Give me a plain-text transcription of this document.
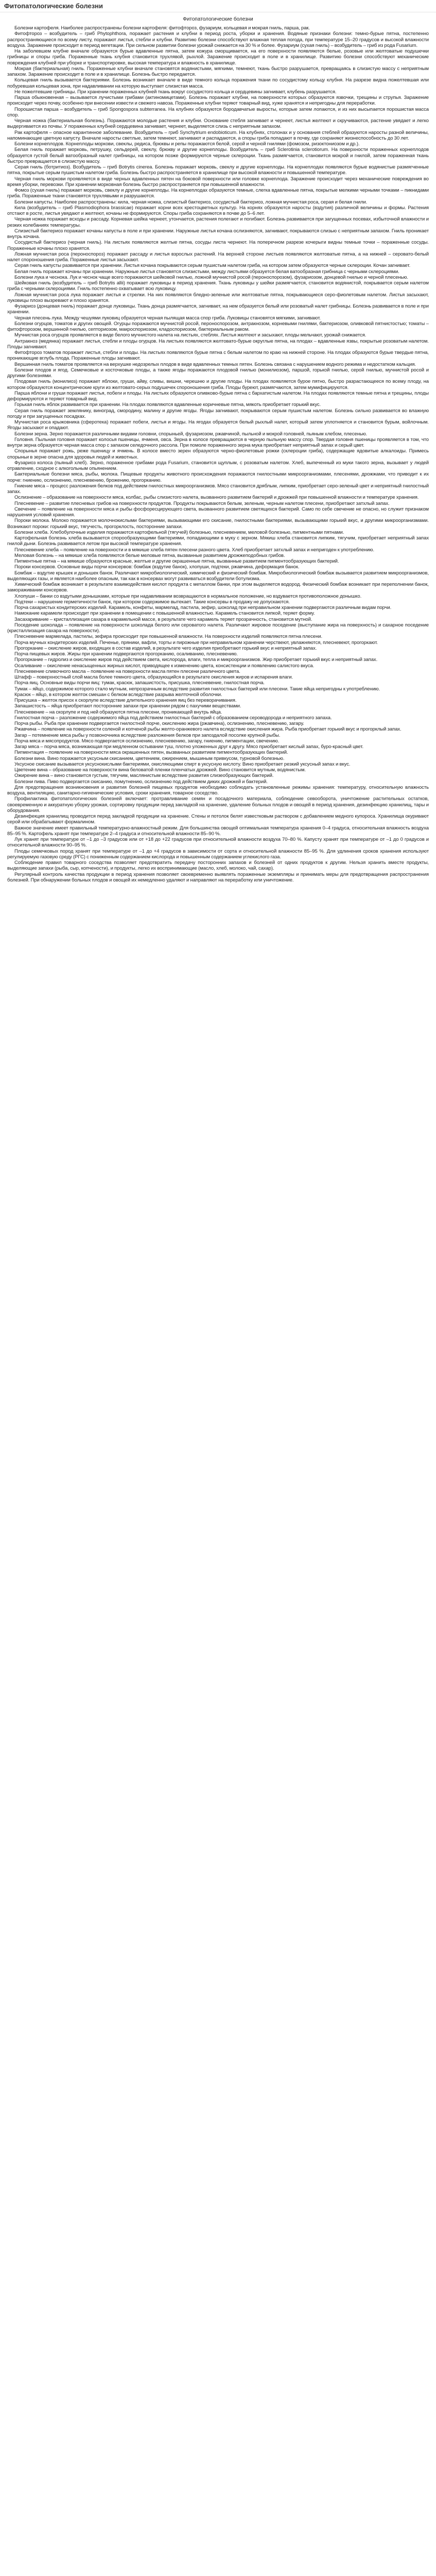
Фитопатологические болезни
Фитопатологические болезни

Болезни картофеля. Наиболее распространены болезни картофеля: фитофтороз, фузариум, кольцевая и мокрая гниль, парша, рак.

Фитофтороз – возбудитель – гриб Phytophthora, поражает растения и клубни в период роста, уборки и хранения. Водяные признаки болезни: темно-бурые пятна, постепенно распространяющиеся по всему листу, поражают листья, стебли и клубни. Развитию болезни способствуют влажная теплая погода, при температуре 15–20 градусов и высокой влажности воздуха. Заражение происходит в период вегетации. При сильном развитии болезни урожай снижается на 30 % и более. Фузариум (сухая гниль) – возбудитель – гриб из рода Fusarium.

На заболевшем клубне вначале образуются бурые вдавленные пятна, затем кожура сморщивается, на его поверхности появляются белые, розовые или желтоватые подушечки грибницы и споры гриба. Пораженные ткань клубня становится трухлявой, рыхлой. Заражение происходит в поле и в хранилище. Развитию болезни способствуют механические повреждения клубней при уборке и транспортировке, высокая температура и влажность в хранилище.

Мокрая (бактериальная) гниль. Пораженные клубни вначале становятся водянистыми, мягкими, темнеют, ткань быстро разрушается, превращаясь в слизистую массу с неприятным запахом. Заражение происходит в поле и в хранилище. Болезнь быстро передается.

Кольцевая гниль вызывается бактериями. Болезнь возникает вначале в виде темного кольца поражения ткани по сосудистому кольцу клубня. На разрезе видна пожелтевшая или побуревшая кольцевая зона, при надавливании на которую выступает слизистая масса.

Не пожелтевшие грибницы. При хранении пораженных клубней ткань вокруг сосудистого кольца и сердцевины загнивает, клубень разрушается.

Парша обыкновенная – вызывается лучистыми грибами (актиномицетами). Болезнь поражает клубни, на поверхности которых образуются язвочки, трещины и струпья. Заражение происходит через почву, особенно при внесении извести и свежего навоза. Пораженные клубни теряют товарный вид, хуже хранятся и непригодны для переработки.

Порошистая парша – возбудитель – гриб Spongospora subterranea. На клубнях образуются бородавчатые выросты, которые затем лопаются, и из них высыпается порошистая масса спор.

Черная ножка (бактериальная болезнь). Поражаются молодые растения и клубни. Основание стебля загнивает и чернеет, листья желтеют и скручиваются, растение увядает и легко выдергивается из почвы. У пораженных клубней сердцевина загнивает, чернеет, выделяется слизь с неприятным запахом.

Рак картофеля – опасное карантинное заболевание. Возбудитель – гриб Synchytrium endobioticum. На клубнях, столонах и у основания стеблей образуются наросты разной величины, напоминающие цветную капусту. Вначале наросты светлые, затем темнеют, загнивают и распадаются, а споры гриба попадают в почву, где сохраняют жизнеспособность до 30 лет.

Болезни корнеплодов. Корнеплоды моркови, свеклы, редиса, брюквы и репы поражаются белой, серой и черной гнилями (фомозом, ризоктониозом и др.).

Белая гниль поражает морковь, петрушку, сельдерей, свеклу, брюкву и другие корнеплоды. Возбудитель – гриб Sclerotinia sclerotiorum. На поверхности пораженных корнеплодов образуется густой белый ватообразный налет грибницы, на котором позже формируются черные склероции. Ткань размягчается, становится мокрой и гнилой, затем пораженная ткань быстро превращается в слизистую массу.

Серая гниль (ботритиоз). Возбудитель – гриб Botrytis cinerea. Болезнь поражает морковь, свеклу и другие корнеплоды. На корнеплодах появляются бурые водянистые размягченные пятна, покрытые серым пушистым налетом гриба. Болезнь быстро распространяется в хранилище при высокой влажности и повышенной температуре.

Черная гниль моркови проявляется в виде черных вдавленных пятен на боковой поверхности или головке корнеплода. Заражение происходит через механические повреждения во время уборки, перевозки. При хранении морковная болезнь быстро распространяется при повышенной влажности.

Фомоз (сухая гниль) поражает морковь, свеклу и другие корнеплоды. На корнеплодах образуются темные, слегка вдавленные пятна, покрытые мелкими черными точками – пикнидами гриба. Пораженные ткани становятся трухлявыми и разрушаются.

Болезни капусты. Наиболее распространены: кила, черная ножка, слизистый бактериоз, сосудистый бактериоз, ложная мучнистая роса, серая и белая гнили.

Кила (возбудитель – гриб Plasmodiophora brassicae) поражает корни всех крестоцветных культур. На корнях образуются наросты (вздутия) различной величины и формы. Растения отстают в росте, листья увядают и желтеют, кочаны не формируются. Споры гриба сохраняются в почве до 5–6 лет.

Черная ножка поражает всходы и рассаду. Корневая шейка чернеет, утончается, растения полегают и погибают. Болезнь развивается при загущенных посевах, избыточной влажности и резких колебаниях температуры.

Слизистый бактериоз поражает кочаны капусты в поле и при хранении. Наружные листья кочана ослизняются, загнивают, покрываются слизью с неприятным запахом. Гниль проникает внутрь кочана.

Сосудистый бактериоз (черная гниль). На листьях появляются желтые пятна, сосуды листа чернеют. На поперечном разрезе кочерыги видны темные точки – пораженные сосуды. Пораженные кочаны плохо хранятся.

Ложная мучнистая роса (пероноспороз) поражает рассаду и листья взрослых растений. На верхней стороне листьев появляются желтоватые пятна, а на нижней – серовато-белый налет спороношения гриба. Пораженные листья засыхают.

Серая гниль капусты развивается при хранении. Листья кочана покрываются серым пушистым налетом гриба, на котором затем образуются черные склероции. Кочан загнивает.

Белая гниль поражает кочаны при хранении. Наружные листья становятся слизистыми, между листьями образуется белая ватообразная грибница с черными склероциями.

Болезни лука и чеснока. Лук и чеснок чаще всего поражаются шейковой гнилью, ложной мучнистой росой (пероноспорозом), фузариозом, донцевой гнилью и черной плесенью.

Шейковая гниль (возбудитель – гриб Botrytis allii) поражает луковицы в период хранения. Ткань луковицы у шейки размягчается, становится водянистой, покрывается серым налетом гриба с черными склероциями. Гниль постепенно охватывает всю луковицу.

Ложная мучнистая роса лука поражает листья и стрелки. На них появляются бледно-зеленые или желтоватые пятна, покрывающиеся серо-фиолетовым налетом. Листья засыхают, луковицы плохо вызревают и плохо хранятся.

Фузариоз (донцевая гниль) поражает донце луковицы. Ткань донца размягчается, загнивает, на нем образуется белый или розоватый налет грибницы. Болезнь развивается в поле и при хранении.

Черная плесень лука. Между чешуями луковиц образуется черная пылящая масса спор гриба. Луковицы становятся мягкими, загнивают.

Болезни огурцов, томатов и других овощей. Огурцы поражаются мучнистой росой, пероноспорозом, антракнозом, корневыми гнилями, бактериозом, оливковой пятнистостью; томаты – фитофторозом, вершинной гнилью, септориозом, макроспориозом, кладоспориозом, бактериальным раком.

Мучнистая роса огурцов проявляется в виде белого мучнистого налета на листьях, стеблях. Листья желтеют и засыхают, плоды мельчают, урожай снижается.

Антракноз (медянка) поражает листья, стебли и плоды огурцов. На листьях появляются желтовато-бурые округлые пятна, на плодах – вдавленные язвы, покрытые розоватым налетом. Плоды загнивают.

Фитофтороз томатов поражает листья, стебли и плоды. На листьях появляются бурые пятна с белым налетом по краю на нижней стороне. На плодах образуются бурые твердые пятна, проникающие вглубь плода. Пораженные плоды загнивают.

Вершинная гниль томатов проявляется на верхушке недозрелых плодов в виде вдавленных темных пятен. Болезнь связана с нарушением водного режима и недостатком кальция.

Болезни плодов и ягод. Семечковые и косточковые плоды, а также ягоды поражаются плодовой гнилью (монилиозом), паршой, горькой гнилью, серой гнилью, мучнистой росой и другими болезнями.

Плодовая гниль (монилиоз) поражает яблоки, груши, айву, сливы, вишни, черешню и другие плоды. На плодах появляется бурое пятно, быстро разрастающееся по всему плоду, на котором образуются концентрические круги из желтовато-серых подушечек спороношения гриба. Плоды буреют, размягчаются, затем мумифицируются.

Парша яблони и груши поражает листья, побеги и плоды. На листьях образуются оливково-бурые пятна с бархатистым налетом. На плодах появляются темные пятна и трещины, плоды деформируются и теряют товарный вид.

Горькая гниль яблок развивается при хранении. На плодах появляются вдавленные коричневые пятна, мякоть приобретает горький вкус.

Серая гниль поражает землянику, виноград, смородину, малину и другие ягоды. Ягоды загнивают, покрываются серым пушистым налетом. Болезнь сильно развивается во влажную погоду и при загущенных посадках.

Мучнистая роса крыжовника (сферотека) поражает побеги, листья и ягоды. На ягодах образуется белый рыхлый налет, который затем уплотняется и становится бурым, войлочным. Ягоды засыхают и опадают.

Болезни зерна. Зерно поражается различными видами головни, спорыньей, фузариозом, ржавчиной, пыльной и мокрой головней, пьяным хлебом, плесенью.

Головня. Пыльная головня поражает колосья пшеницы, ячменя, овса. Зерна в колосе превращаются в черную пыльную массу спор. Твердая головня пшеницы проявляется в том, что внутри зерна образуется черная масса спор с запахом селедочного рассола. При помоле пораженного зерна мука приобретает неприятный запах и серый цвет.

Спорынья поражает рожь, реже пшеницу и ячмень. В колосе вместо зерен образуются черно-фиолетовые рожки (склероции гриба), содержащие ядовитые алкалоиды. Примесь спорыньи в зерне опасна для здоровья людей и животных.

Фузариоз колоса (пьяный хлеб). Зерно, пораженное грибами рода Fusarium, становится щуплым, с розоватым налетом. Хлеб, выпеченный из муки такого зерна, вызывает у людей отравление, сходное с алкогольным опьянением.

Бактериальные болезни мяса, рыбы, молока. Пищевые продукты животного происхождения поражаются гнилостными микроорганизмами, плесенями, дрожжами, что приводит к их порче: гниению, ослизнению, плесневению, брожению, прогорканию.

Гниение мяса – процесс разложения белков под действием гнилостных микроорганизмов. Мясо становится дряблым, липким, приобретает серо-зеленый цвет и неприятный гнилостный запах.

Ослизнение – образование на поверхности мяса, колбас, рыбы слизистого налета, вызванного развитием бактерий и дрожжей при повышенной влажности и температуре хранения.

Плесневение – развитие плесневых грибов на поверхности продуктов. Продукты покрываются белым, зеленым, черным налетом плесени, приобретают затхлый запах.

Свечение – появление на поверхности мяса и рыбы фосфоресцирующего света, вызванного развитием светящихся бактерий. Само по себе свечение не опасно, но служит признаком нарушения условий хранения.

Пороки молока. Молоко поражается молочнокислыми бактериями, вызывающими его скисание, гнилостными бактериями, вызывающими горький вкус, и другими микроорганизмами. Возникают пороки: горький вкус, тягучесть, прогорклость, посторонние запахи.

Болезни хлеба. Хлебобулочные изделия поражаются картофельной (тягучей) болезнью, плесневением, меловой болезнью, пигментными пятнами.

Картофельная болезнь хлеба вызывается спорообразующими бактериями, попадающими в муку с зерном. Мякиш хлеба становится липким, тягучим, приобретает неприятный запах гнилой дыни. Болезнь развивается летом при высокой температуре хранения.

Плесневение хлеба – появление на поверхности и в мякише хлеба пятен плесени разного цвета. Хлеб приобретает затхлый запах и непригоден к употреблению.

Меловая болезнь – на мякише хлеба появляются белые меловые пятна, вызванные развитием дрожжеподобных грибов.

Пигментные пятна – на мякише образуются красные, желтые и другие окрашенные пятна, вызванные развитием пигментообразующих бактерий.

Пороки консервов. Основные виды порчи консервов: бомбаж (вздутие банок), хлопуши, подтеки, ржавчина, деформация банок.

Бомбаж – вздутие крышек и донышек банок. Различают микробиологический, химический и физический бомбаж. Микробиологический бомбаж вызывается развитием микроорганизмов, выделяющих газы, и является наиболее опасным, так как в консервах могут развиваться возбудители ботулизма.

Химический бомбаж возникает в результате взаимодействия кислот продукта с металлом банки, при этом выделяется водород. Физический бомбаж возникает при переполнении банок, замораживании консервов.

Хлопуши – банки со вздутыми донышками, которые при надавливании возвращаются в нормальное положение, но вздувается противоположное донышко.

Подтеки – нарушение герметичности банок, при котором содержимое вытекает. Такие консервы в продажу не допускаются.

Порча сахаристых кондитерских изделий. Карамель, конфеты, мармелад, пастила, зефир, шоколад при неправильном хранении подвергаются различным видам порчи.

Намокание карамели происходит при хранении в помещении с повышенной влажностью. Карамель становится липкой, теряет форму.

Засахаривание – кристаллизация сахара в карамельной массе, в результате чего карамель теряет прозрачность, становится мутной.

Поседение шоколада – появление на поверхности шоколада белого или сероватого налета. Различают жировое поседение (выступание жира на поверхность) и сахарное поседение (кристаллизация сахара на поверхности).

Плесневение мармелада, пастилы, зефира происходит при повышенной влажности. На поверхности изделий появляются пятна плесени.

Порча мучных кондитерских изделий. Печенье, пряники, вафли, торты и пирожные при неправильном хранении черствеют, увлажняются, плесневеют, прогоркают.

Прогоркание – окисление жиров, входящих в состав изделий, в результате чего изделия приобретают горький вкус и неприятный запах.

Порча пищевых жиров. Жиры при хранении подвергаются прогорканию, осаливанию, плесневению.

Прогоркание – гидролиз и окисление жиров под действием света, кислорода, влаги, тепла и микроорганизмов. Жир приобретает горький вкус и неприятный запах.

Осаливание – окисление ненасыщенных жирных кислот, приводящее к изменению цвета, консистенции и появлению салистого вкуса.

Плесневение сливочного масла – появление на поверхности масла пятен плесени различного цвета.

Штафф – поверхностный слой масла более темного цвета, образующийся в результате окисления жиров и испарения влаги.

Порча яиц. Основные виды порчи яиц: тумак, красюк, запашистость, присушка, плесневение, гнилостная порча.

Тумак – яйцо, содержимое которого стало мутным, непрозрачным вследствие развития гнилостных бактерий или плесени. Такие яйца непригодны к употреблению.

Красюк – яйцо, в котором желток смешан с белком вследствие разрыва желточной оболочки.

Присушка – желток присох к скорлупе вследствие длительного хранения яиц без переворачивания.

Запашистость – яйца приобретают посторонние запахи при хранении рядом с пахучими веществами.

Плесневение – на скорлупе и под ней образуются пятна плесени, проникающей внутрь яйца.

Гнилостная порча – разложение содержимого яйца под действием гнилостных бактерий с образованием сероводорода и неприятного запаха.

Порча рыбы. Рыба при хранении подвергается гнилостной порче, окислению жира (ржавчина), ослизнению, плесневению, загару.

Ржавчина – появление на поверхности соленой и копченой рыбы желто-оранжевого налета вследствие окисления жира. Рыба приобретает горький вкус и прогорклый запах.

Загар – потемнение мяса рыбы у позвоночника вследствие разложения белков при запоздалой посолке крупной рыбы.

Порча мяса и мясопродуктов. Мясо подвергается ослизнению, плесневению, загару, гниению, пигментации, свечению.

Загар мяса – порча мяса, возникающая при медленном остывании туш, плотно уложенных друг к другу. Мясо приобретает кислый запах, буро-красный цвет.

Пигментация – появление на поверхности мяса окрашенных пятен, вызванных развитием пигментообразующих бактерий.

Болезни вина. Вино поражается уксусным скисанием, цветением, ожирением, мышиным привкусом, турновой болезнью.

Уксусное скисание вызывается уксуснокислыми бактериями, окисляющими спирт в уксусную кислоту. Вино приобретает резкий уксусный запах и вкус.

Цветение вина – образование на поверхности вина беловатой пленки пленчатых дрожжей. Вино становится мутным, водянистым.

Ожирение вина – вино становится густым, тягучим, маслянистым вследствие развития слизеобразующих бактерий.

Болезни пива. Пиво подвергается скисанию, помутнению, ослизнению под действием диких дрожжей и бактерий.

Для предотвращения возникновения и развития болезней пищевых продуктов необходимо соблюдать установленные режимы хранения: температуру, относительную влажность воздуха, вентиляцию, санитарно-гигиенические условия, сроки хранения, товарное соседство.

Профилактика фитопатологических болезней включает: протравливание семян и посадочного материала, соблюдение севооборота, уничтожение растительных остатков, своевременную и аккуратную уборку урожая, сортировку продукции перед закладкой на хранение, удаление больных плодов и овощей в период хранения, дезинфекцию хранилищ, тары и оборудования.

Дезинфекция хранилищ проводится перед закладкой продукции на хранение. Стены и потолок белят известковым раствором с добавлением медного купороса. Хранилища окуривают серой или обрабатывают формалином.

Важное значение имеет правильный температурно-влажностный режим. Для большинства овощей оптимальная температура хранения 0–4 градуса, относительная влажность воздуха 85–95 %. Картофель хранят при температуре 2–4 градуса и относительной влажности 85–90 %.

Лук хранят при температуре от –1 до –3 градусов или от +18 до +22 градусов при относительной влажности воздуха 70–80 %. Капусту хранят при температуре от –1 до 0 градусов и относительной влажности 90–95 %.

Плоды семечковых пород хранят при температуре от –1 до +4 градусов в зависимости от сорта и относительной влажности 85–95 %. Для удлинения сроков хранения используют регулируемую газовую среду (РГС) с пониженным содержанием кислорода и повышенным содержанием углекислого газа.

Соблюдение правил товарного соседства позволяет предотвратить передачу посторонних запахов и болезней от одних продуктов к другим. Нельзя хранить вместе продукты, выделяющие запахи (рыба, сыр, копчености), и продукты, легко их воспринимающие (масло, хлеб, молоко, чай, сахар).

Регулярный контроль качества продукции в период хранения позволяет своевременно выявлять пораженные экземпляры и принимать меры для предотвращения распространения болезней. При обнаружении больных плодов и овощей их немедленно удаляют и направляют на переработку или уничтожение.
